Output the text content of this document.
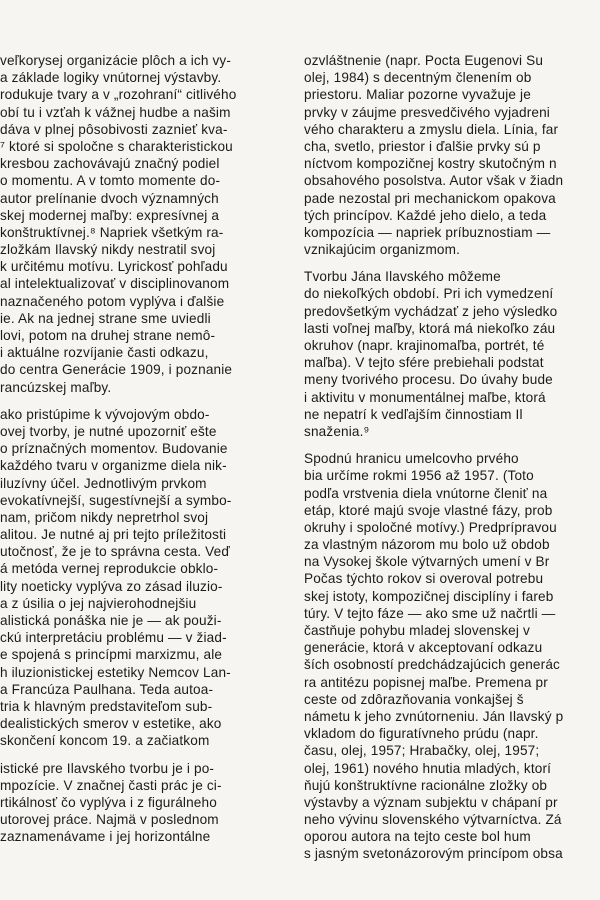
veľkorysej organizácie plôch a ich vy-
a základe logiky vnútornej výstavby.
rodukuje tvary a v „rozohraní“ citlivého
obí tu i vzťah k vážnej hudbe a našim
dáva v plnej pôsobivosti zaznieť kva-
⁷ ktoré si spoločne s charakteristickou
kresbou zachovávajú značný podiel
o momentu. A v tomto momente do-
autor prelínanie dvoch významných
skej modernej maľby: expresívnej a
konštruktívnej.⁸ Napriek všetkým ra-
zložkám Ilavský nikdy nestratil svoj
k určitému motívu. Lyrickosť pohľadu
al intelektualizovať v disciplinovanom
naznačeného potom vyplýva i ďalšie
ie. Ak na jednej strane sme uviedli
lovi, potom na druhej strane nemô-
i aktuálne rozvíjanie časti odkazu,
do centra Generácie 1909, i poznanie
rancúzskej maľby.
ako pristúpime k vývojovým obdo-
ovej tvorby, je nutné upozorniť ešte
o príznačných momentov. Budovanie
každého tvaru v organizme diela nik-
iluzívny účel. Jednotlivým prvkom
evokatívnejší, sugestívnejší a symbo-
nam, pričom nikdy nepretrhol svoj
alitou. Je nutné aj pri tejto príležitosti
utočnosť, že je to správna cesta. Veď
á metóda vernej reprodukcie obklo-
lity noeticky vyplýva zo zásad iluzio-
a z úsilia o jej najvierohodnejšiu
alistická ponáška nie je — ak použi-
ckú interpretáciu problému — v žiad-
e spojená s princípmi marxizmu, ale
h iluzionistickej estetiky Nemcov Lan-
a Francúza Paulhana. Teda autoa-
tria k hlavným predstaviteľom sub-
dealistických smerov v estetike, ako
skončení koncom 19. a začiatkom
istické pre Ilavského tvorbu je i po-
mpozície. V značnej časti prác je ci-
rtikálnosť čo vyplýva i z figurálneho
utorovej práce. Najmä v poslednom
zaznamenávame i jej horizontálne
ozvláštnenie (napr. Pocta Eugenovi Su
olej, 1984) s decentným členením ob
priestoru. Maliar pozorne vyvažuje je
prvky v záujme presvedčivého vyjadreni
vého charakteru a zmyslu diela. Línia, far
cha, svetlo, priestor i ďalšie prvky sú p
níctvom kompozičnej kostry skutočným n
obsahového posolstva. Autor však v žiadn
pade nezostal pri mechanickom opakova
tých princípov. Každé jeho dielo, a teda
kompozícia — napriek príbuznostiam —
vznikajúcim organizmom.
Tvorbu Jána Ilavského môžeme
do niekoľkých období. Pri ich vymedzení
predovšetkým vychádzať z jeho výsledko
lasti voľnej maľby, ktorá má niekoľko záu
okruhov (napr. krajinomaľba, portrét, té
maľba). V tejto sfére prebiehali podstat
meny tvorivého procesu. Do úvahy bude
i aktivitu v monumentálnej maľbe, ktorá
ne nepatrí k vedľajším činnostiam Il
snaženia.⁹
Spodnú hranicu umelcovho prvého
bia určíme rokmi 1956 až 1957. (Toto
podľa vrstvenia diela vnútorne členiť na
etáp, ktoré majú svoje vlastné fázy, prob
okruhy i spoločné motívy.) Predprípravou
za vlastným názorom mu bolo už obdob
na Vysokej škole výtvarných umení v Br
Počas týchto rokov si overoval potrebu
skej istoty, kompozičnej disciplíny i fareb
túry. V tejto fáze — ako sme už načrtli —
častňuje pohybu mladej slovenskej v
generácie, ktorá v akceptovaní odkazu
ších osobností predchádzajúcich generác
ra antitézu popisnej maľbe. Premena pr
ceste od zdôrazňovania vonkajšej š
námetu k jeho zvnútorneniu. Ján Ilavský p
vkladom do figuratívneho prúdu (napr.
času, olej, 1957; Hrabačky, olej, 1957;
olej, 1961) nového hnutia mladých, ktorí
ňujú konštruktívne racionálne zložky ob
výstavby a význam subjektu v chápaní pr
neho vývinu slovenského výtvarníctva. Zá
oporou autora na tejto ceste bol hum
s jasným svetonázorovým princípom obsa
